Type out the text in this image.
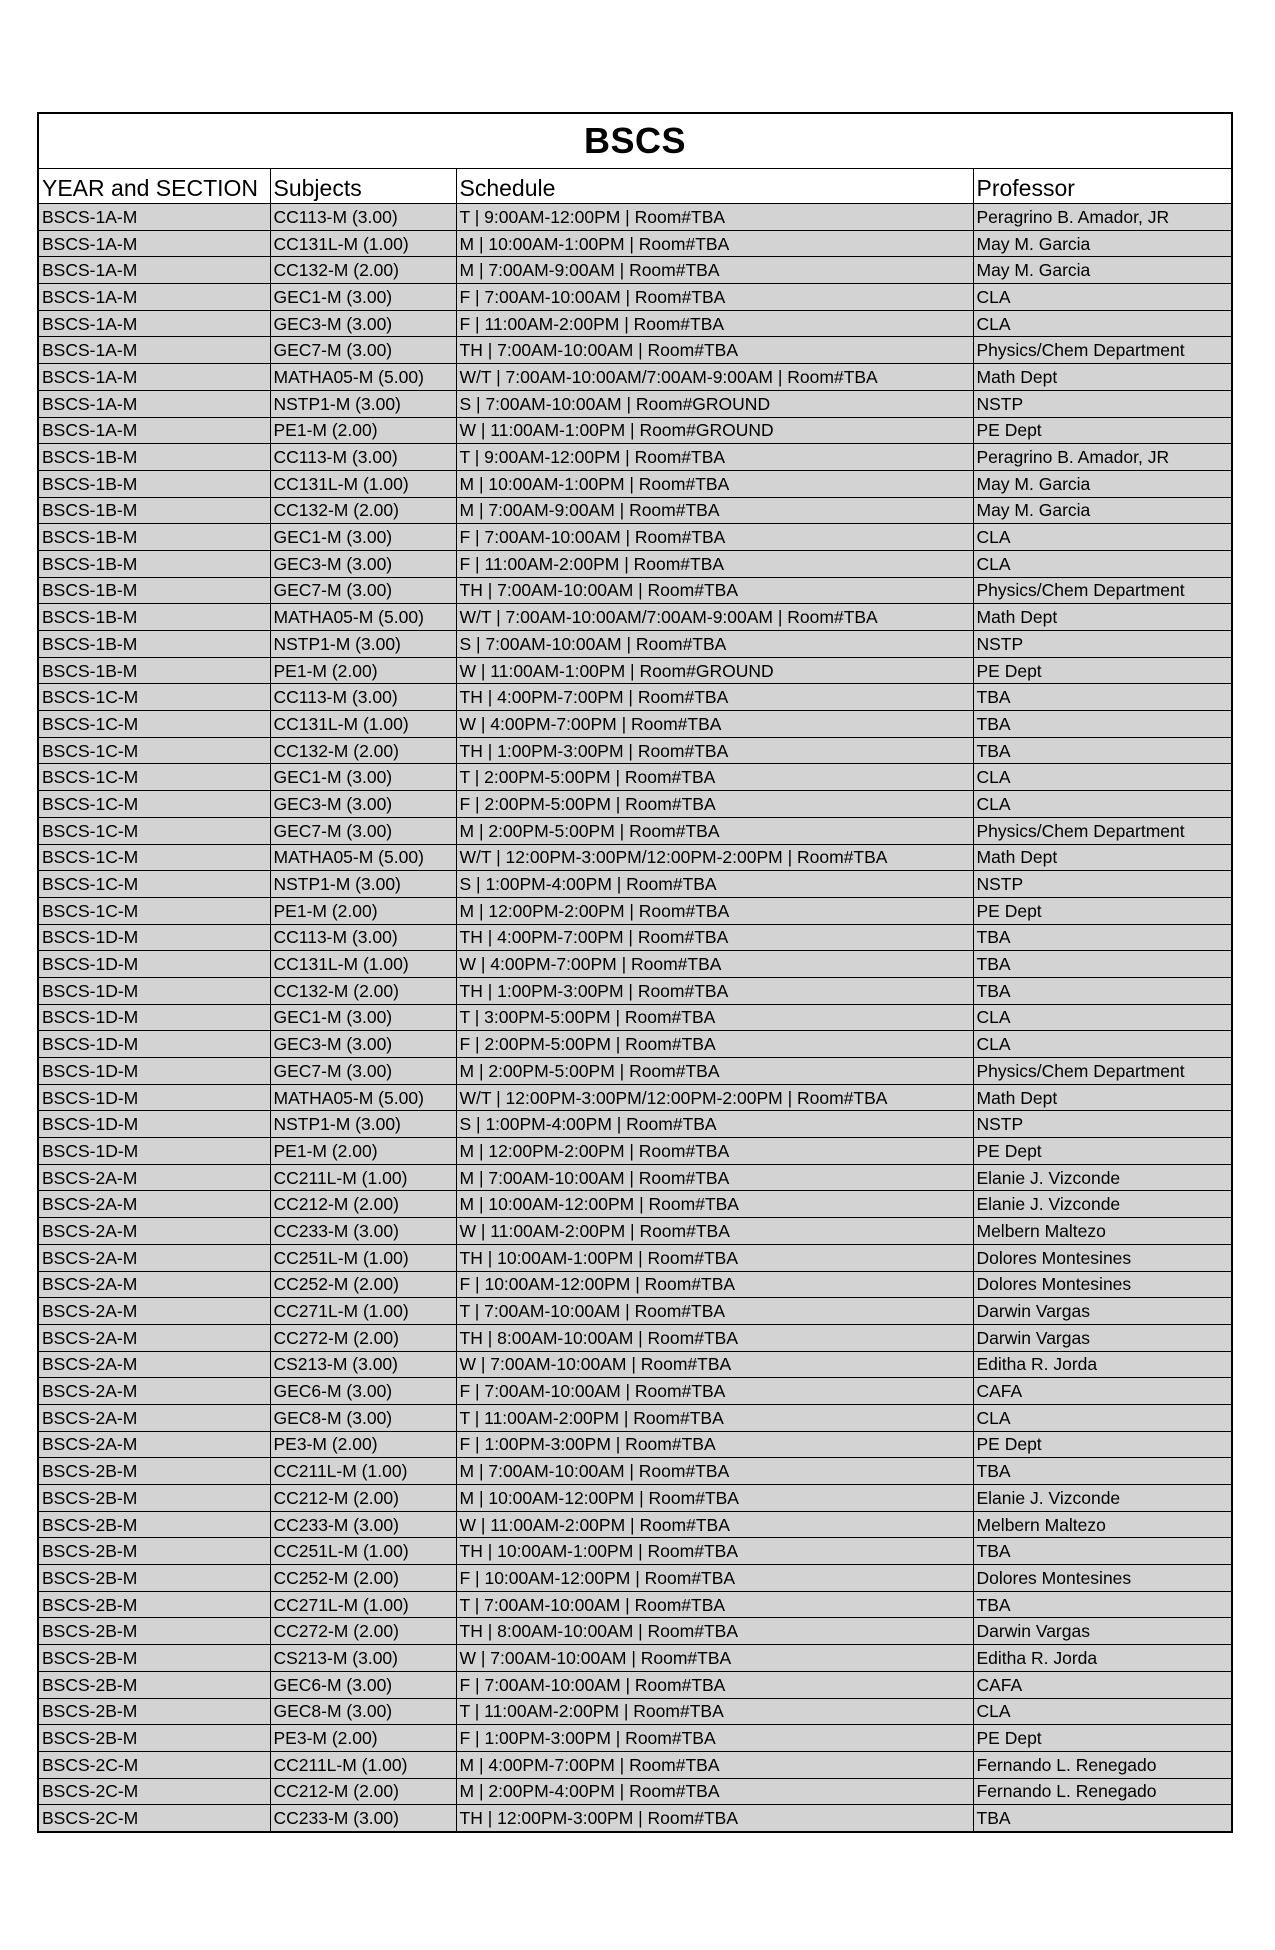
BSCS			
YEAR and SECTION	Subjects	Schedule	Professor
BSCS-1A-M	CC113-M (3.00)	T | 9:00AM-12:00PM | Room#TBA	Peragrino B. Amador, JR
BSCS-1A-M	CC131L-M (1.00)	M | 10:00AM-1:00PM | Room#TBA	May M. Garcia
BSCS-1A-M	CC132-M (2.00)	M | 7:00AM-9:00AM | Room#TBA	May M. Garcia
BSCS-1A-M	GEC1-M (3.00)	F | 7:00AM-10:00AM | Room#TBA	CLA
BSCS-1A-M	GEC3-M (3.00)	F | 11:00AM-2:00PM | Room#TBA	CLA
BSCS-1A-M	GEC7-M (3.00)	TH | 7:00AM-10:00AM | Room#TBA	Physics/Chem Department
BSCS-1A-M	MATHA05-M (5.00)	W/T | 7:00AM-10:00AM/7:00AM-9:00AM | Room#TBA	Math Dept
BSCS-1A-M	NSTP1-M (3.00)	S | 7:00AM-10:00AM | Room#GROUND	NSTP
BSCS-1A-M	PE1-M (2.00)	W | 11:00AM-1:00PM | Room#GROUND	PE Dept
BSCS-1B-M	CC113-M (3.00)	T | 9:00AM-12:00PM | Room#TBA	Peragrino B. Amador, JR
BSCS-1B-M	CC131L-M (1.00)	M | 10:00AM-1:00PM | Room#TBA	May M. Garcia
BSCS-1B-M	CC132-M (2.00)	M | 7:00AM-9:00AM | Room#TBA	May M. Garcia
BSCS-1B-M	GEC1-M (3.00)	F | 7:00AM-10:00AM | Room#TBA	CLA
BSCS-1B-M	GEC3-M (3.00)	F | 11:00AM-2:00PM | Room#TBA	CLA
BSCS-1B-M	GEC7-M (3.00)	TH | 7:00AM-10:00AM | Room#TBA	Physics/Chem Department
BSCS-1B-M	MATHA05-M (5.00)	W/T | 7:00AM-10:00AM/7:00AM-9:00AM | Room#TBA	Math Dept
BSCS-1B-M	NSTP1-M (3.00)	S | 7:00AM-10:00AM | Room#TBA	NSTP
BSCS-1B-M	PE1-M (2.00)	W | 11:00AM-1:00PM | Room#GROUND	PE Dept
BSCS-1C-M	CC113-M (3.00)	TH | 4:00PM-7:00PM | Room#TBA	TBA
BSCS-1C-M	CC131L-M (1.00)	W | 4:00PM-7:00PM | Room#TBA	TBA
BSCS-1C-M	CC132-M (2.00)	TH | 1:00PM-3:00PM | Room#TBA	TBA
BSCS-1C-M	GEC1-M (3.00)	T | 2:00PM-5:00PM | Room#TBA	CLA
BSCS-1C-M	GEC3-M (3.00)	F | 2:00PM-5:00PM | Room#TBA	CLA
BSCS-1C-M	GEC7-M (3.00)	M | 2:00PM-5:00PM | Room#TBA	Physics/Chem Department
BSCS-1C-M	MATHA05-M (5.00)	W/T | 12:00PM-3:00PM/12:00PM-2:00PM | Room#TBA	Math Dept
BSCS-1C-M	NSTP1-M (3.00)	S | 1:00PM-4:00PM | Room#TBA	NSTP
BSCS-1C-M	PE1-M (2.00)	M | 12:00PM-2:00PM | Room#TBA	PE Dept
BSCS-1D-M	CC113-M (3.00)	TH | 4:00PM-7:00PM | Room#TBA	TBA
BSCS-1D-M	CC131L-M (1.00)	W | 4:00PM-7:00PM | Room#TBA	TBA
BSCS-1D-M	CC132-M (2.00)	TH | 1:00PM-3:00PM | Room#TBA	TBA
BSCS-1D-M	GEC1-M (3.00)	T | 3:00PM-5:00PM | Room#TBA	CLA
BSCS-1D-M	GEC3-M (3.00)	F | 2:00PM-5:00PM | Room#TBA	CLA
BSCS-1D-M	GEC7-M (3.00)	M | 2:00PM-5:00PM | Room#TBA	Physics/Chem Department
BSCS-1D-M	MATHA05-M (5.00)	W/T | 12:00PM-3:00PM/12:00PM-2:00PM | Room#TBA	Math Dept
BSCS-1D-M	NSTP1-M (3.00)	S | 1:00PM-4:00PM | Room#TBA	NSTP
BSCS-1D-M	PE1-M (2.00)	M | 12:00PM-2:00PM | Room#TBA	PE Dept
BSCS-2A-M	CC211L-M (1.00)	M | 7:00AM-10:00AM | Room#TBA	Elanie J. Vizconde
BSCS-2A-M	CC212-M (2.00)	M | 10:00AM-12:00PM | Room#TBA	Elanie J. Vizconde
BSCS-2A-M	CC233-M (3.00)	W | 11:00AM-2:00PM | Room#TBA	Melbern Maltezo
BSCS-2A-M	CC251L-M (1.00)	TH | 10:00AM-1:00PM | Room#TBA	Dolores Montesines
BSCS-2A-M	CC252-M (2.00)	F | 10:00AM-12:00PM | Room#TBA	Dolores Montesines
BSCS-2A-M	CC271L-M (1.00)	T | 7:00AM-10:00AM | Room#TBA	Darwin Vargas
BSCS-2A-M	CC272-M (2.00)	TH | 8:00AM-10:00AM | Room#TBA	Darwin Vargas
BSCS-2A-M	CS213-M (3.00)	W | 7:00AM-10:00AM | Room#TBA	Editha R. Jorda
BSCS-2A-M	GEC6-M (3.00)	F | 7:00AM-10:00AM | Room#TBA	CAFA
BSCS-2A-M	GEC8-M (3.00)	T | 11:00AM-2:00PM | Room#TBA	CLA
BSCS-2A-M	PE3-M (2.00)	F | 1:00PM-3:00PM | Room#TBA	PE Dept
BSCS-2B-M	CC211L-M (1.00)	M | 7:00AM-10:00AM | Room#TBA	TBA
BSCS-2B-M	CC212-M (2.00)	M | 10:00AM-12:00PM | Room#TBA	Elanie J. Vizconde
BSCS-2B-M	CC233-M (3.00)	W | 11:00AM-2:00PM | Room#TBA	Melbern Maltezo
BSCS-2B-M	CC251L-M (1.00)	TH | 10:00AM-1:00PM | Room#TBA	TBA
BSCS-2B-M	CC252-M (2.00)	F | 10:00AM-12:00PM | Room#TBA	Dolores Montesines
BSCS-2B-M	CC271L-M (1.00)	T | 7:00AM-10:00AM | Room#TBA	TBA
BSCS-2B-M	CC272-M (2.00)	TH | 8:00AM-10:00AM | Room#TBA	Darwin Vargas
BSCS-2B-M	CS213-M (3.00)	W | 7:00AM-10:00AM | Room#TBA	Editha R. Jorda
BSCS-2B-M	GEC6-M (3.00)	F | 7:00AM-10:00AM | Room#TBA	CAFA
BSCS-2B-M	GEC8-M (3.00)	T | 11:00AM-2:00PM | Room#TBA	CLA
BSCS-2B-M	PE3-M (2.00)	F | 1:00PM-3:00PM | Room#TBA	PE Dept
BSCS-2C-M	CC211L-M (1.00)	M | 4:00PM-7:00PM | Room#TBA	Fernando L. Renegado
BSCS-2C-M	CC212-M (2.00)	M | 2:00PM-4:00PM | Room#TBA	Fernando L. Renegado
BSCS-2C-M	CC233-M (3.00)	TH | 12:00PM-3:00PM | Room#TBA	TBA
